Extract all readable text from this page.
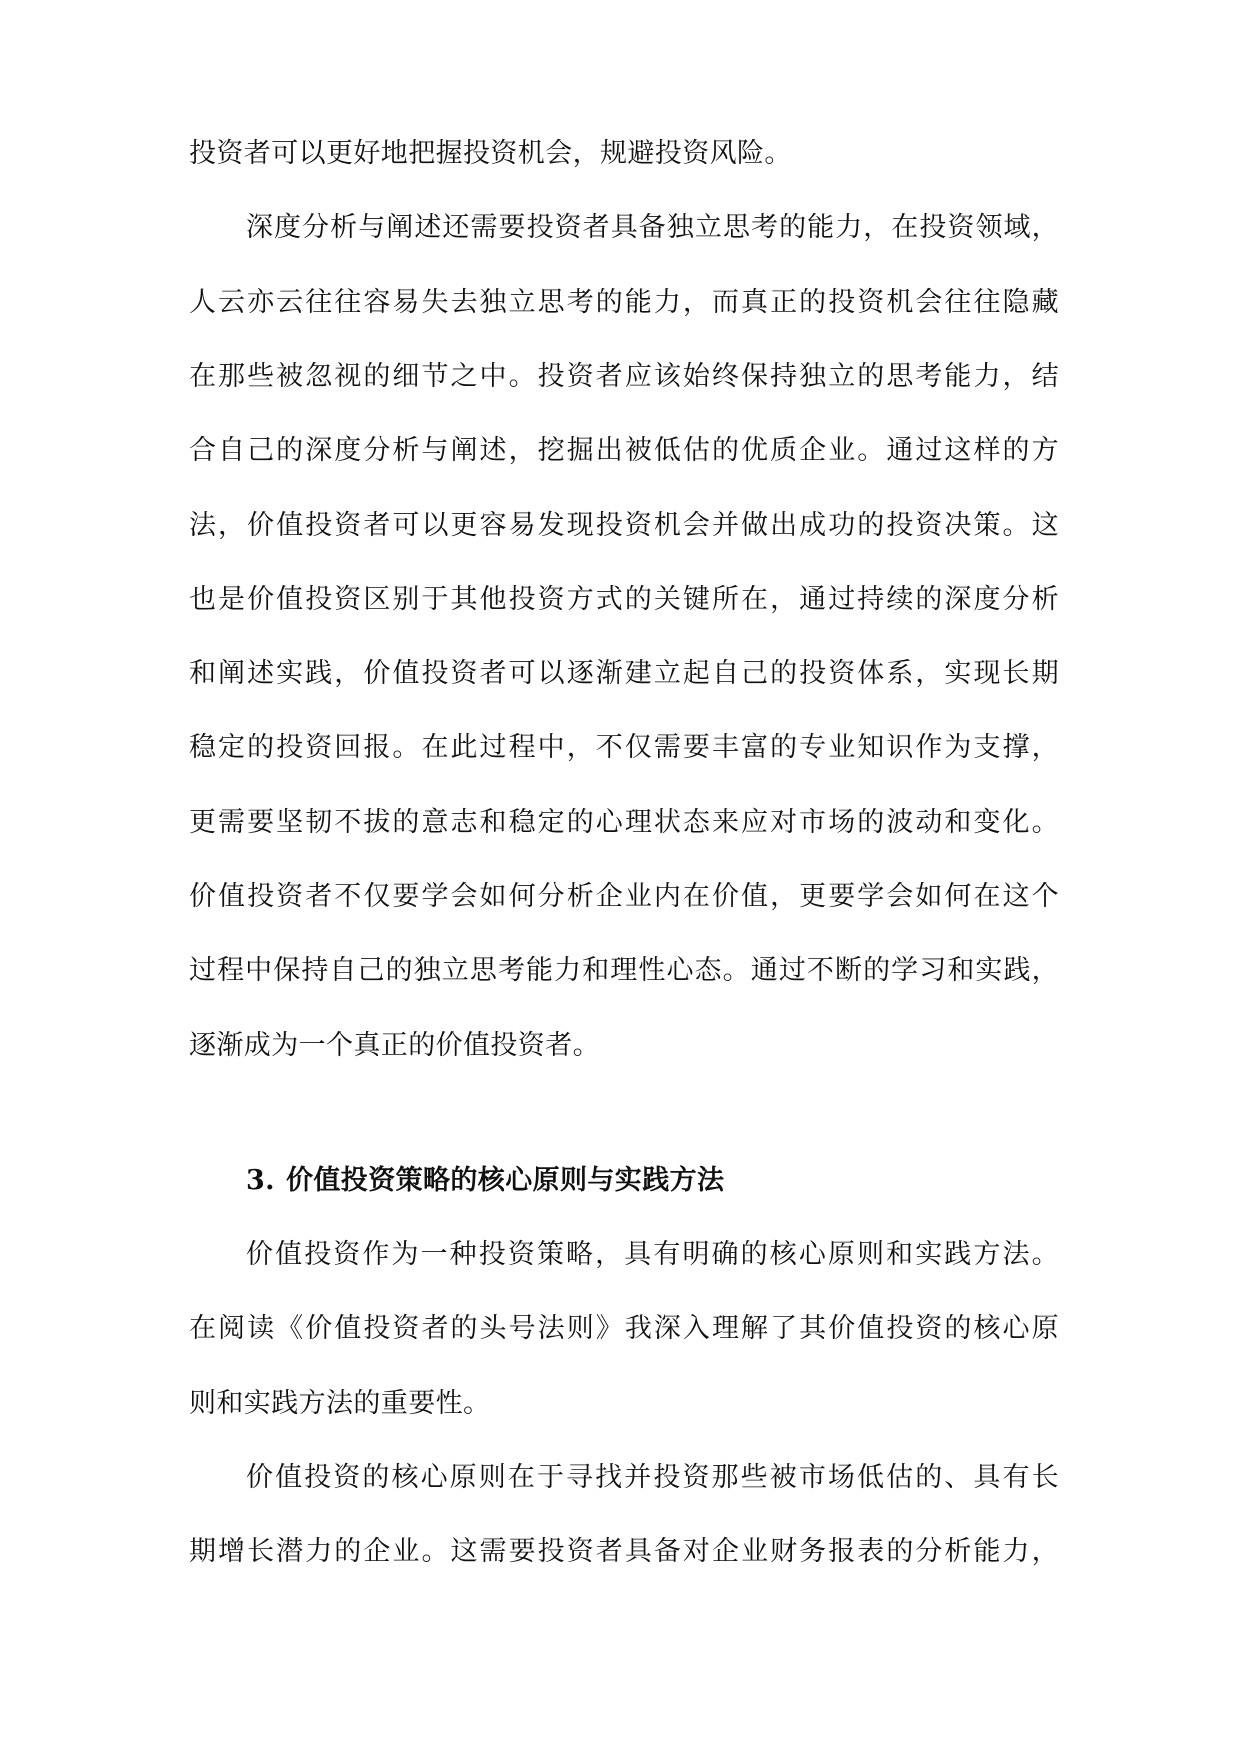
投资者可以更好地把握投资机会，规避投资风险。
深度分析与阐述还需要投资者具备独立思考的能力，在投资领域，
人云亦云往往容易失去独立思考的能力，而真正的投资机会往往隐藏
在那些被忽视的细节之中。投资者应该始终保持独立的思考能力，结
合自己的深度分析与阐述，挖掘出被低估的优质企业。通过这样的方
法，价值投资者可以更容易发现投资机会并做出成功的投资决策。这
也是价值投资区别于其他投资方式的关键所在，通过持续的深度分析
和阐述实践，价值投资者可以逐渐建立起自己的投资体系，实现长期
稳定的投资回报。在此过程中，不仅需要丰富的专业知识作为支撑，
更需要坚韧不拔的意志和稳定的心理状态来应对市场的波动和变化。
价值投资者不仅要学会如何分析企业内在价值，更要学会如何在这个
过程中保持自己的独立思考能力和理性心态。通过不断的学习和实践，
逐渐成为一个真正的价值投资者。
3. 价值投资策略的核心原则与实践方法
价值投资作为一种投资策略，具有明确的核心原则和实践方法。
在阅读《价值投资者的头号法则》我深入理解了其价值投资的核心原
则和实践方法的重要性。
价值投资的核心原则在于寻找并投资那些被市场低估的、具有长
期增长潜力的企业。这需要投资者具备对企业财务报表的分析能力，
